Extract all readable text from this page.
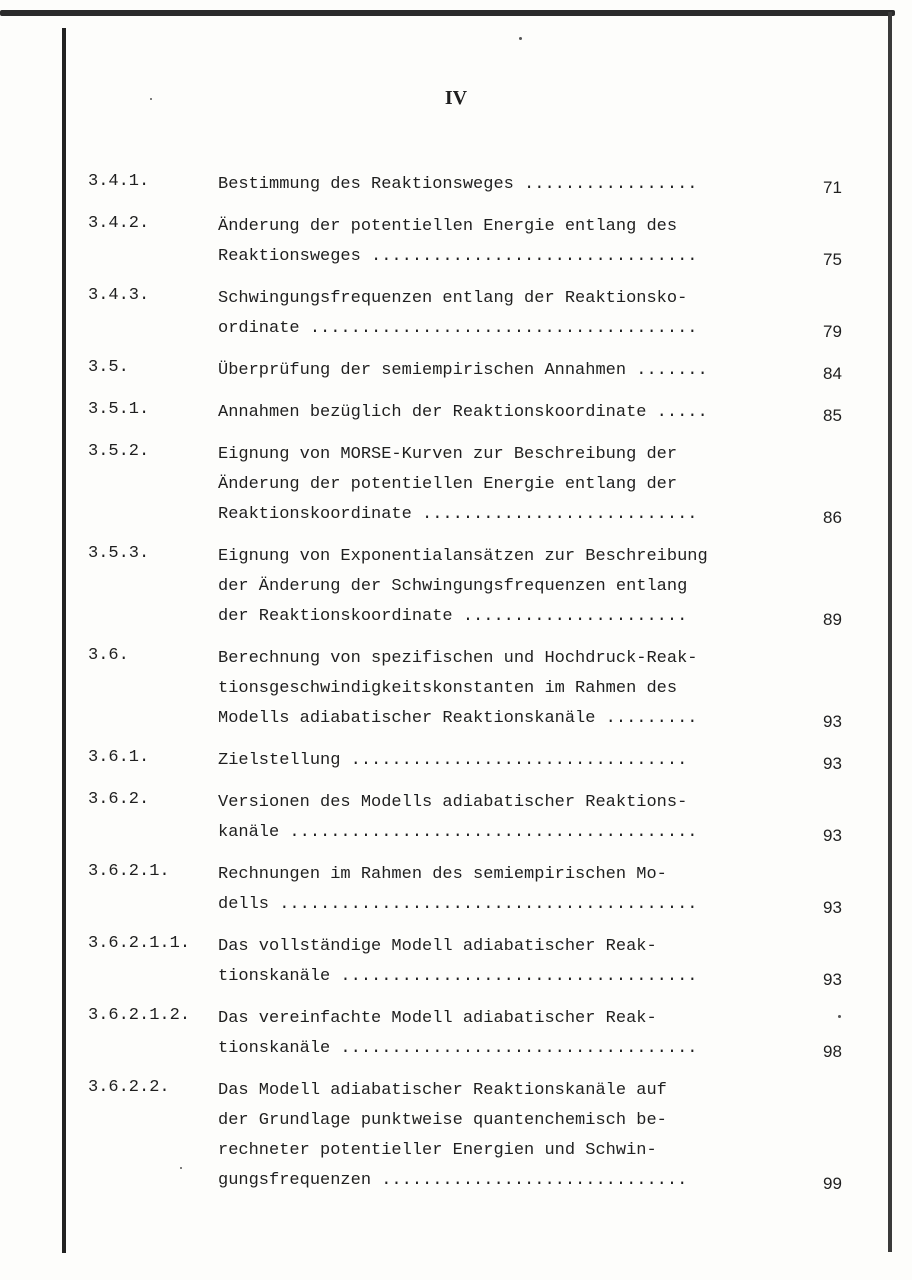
IV
3.4.1.	Bestimmung des Reaktionsweges .................	71
3.4.2.	Änderung der potentiellen Energie entlang des
Reaktionsweges ................................	75
3.4.3.	Schwingungsfrequenzen entlang der Reaktionsko-
ordinate ......................................	79
3.5.	Überprüfung der semiempirischen Annahmen .......	84
3.5.1.	Annahmen bezüglich der Reaktionskoordinate .....	85
3.5.2.	Eignung von MORSE-Kurven zur Beschreibung der
Änderung der potentiellen Energie entlang der
Reaktionskoordinate ...........................	86
3.5.3.	Eignung von Exponentialansätzen zur Beschreibung
der Änderung der Schwingungsfrequenzen entlang
der Reaktionskoordinate ......................	89
3.6.	Berechnung von spezifischen und Hochdruck-Reak-
tionsgeschwindigkeitskonstanten im Rahmen des
Modells adiabatischer Reaktionskanäle .........	93
3.6.1.	Zielstellung .................................	93
3.6.2.	Versionen des Modells adiabatischer Reaktions-
kanäle ........................................	93
3.6.2.1.	Rechnungen im Rahmen des semiempirischen Mo-
dells .........................................	93
3.6.2.1.1.	Das vollständige Modell adiabatischer Reak-
tionskanäle ...................................	93
3.6.2.1.2.	Das vereinfachte Modell adiabatischer Reak-
tionskanäle ...................................	98
3.6.2.2.	Das Modell adiabatischer Reaktionskanäle auf
der Grundlage punktweise quantenchemisch be-
rechneter potentieller Energien und Schwin-
gungsfrequenzen ..............................	99
